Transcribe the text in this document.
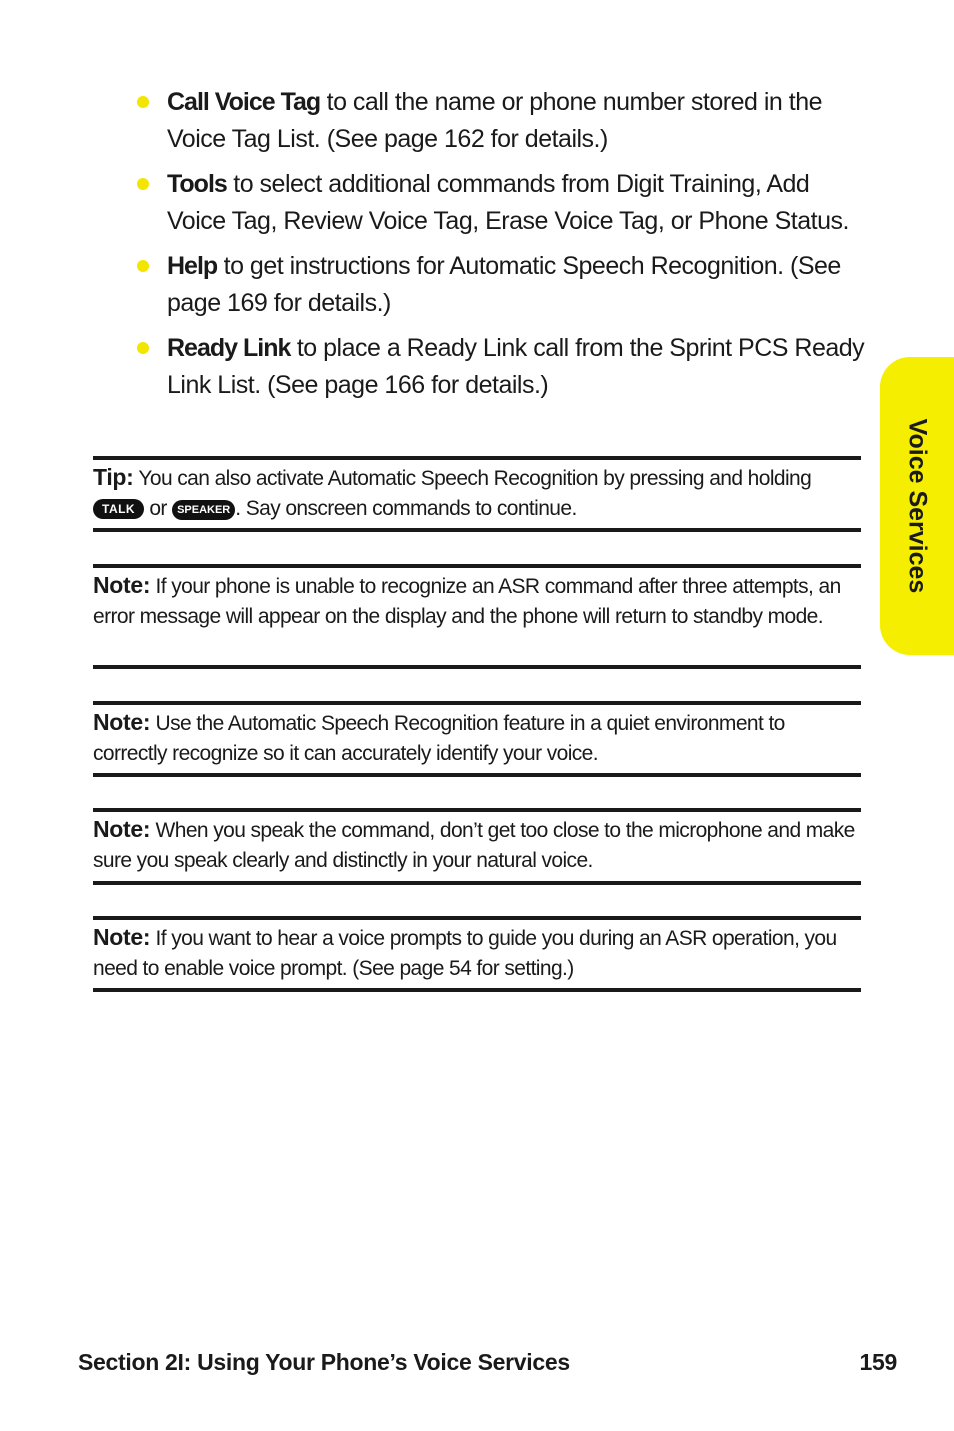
Call Voice Tag to call the name or phone number stored in the Voice Tag List. (See page 162 for details.)
Tools to select additional commands from Digit Training, Add Voice Tag, Review Voice Tag, Erase Voice Tag, or Phone Status.
Help to get instructions for Automatic Speech Recognition. (See page 169 for details.)
Ready Link to place a Ready Link call from the Sprint PCS Ready Link List. (See page 166 for details.)
Tip: You can also activate Automatic Speech Recognition by pressing and holding TALK or SPEAKER . Say onscreen commands to continue.
Note: If your phone is unable to recognize an ASR command after three attempts, an error message will appear on the display and the phone will return to standby mode.
Note: Use the Automatic Speech Recognition feature in a quiet environment to correctly recognize so it can accurately identify your voice.
Note: When you speak the command, don’t get too close to the microphone and make sure you speak clearly and distinctly in your natural voice.
Note: If you want to hear a voice prompts to guide you during an ASR operation, you need to enable voice prompt. (See page 54 for setting.)
Voice Services
Section 2I: Using Your Phone’s Voice Services	159
